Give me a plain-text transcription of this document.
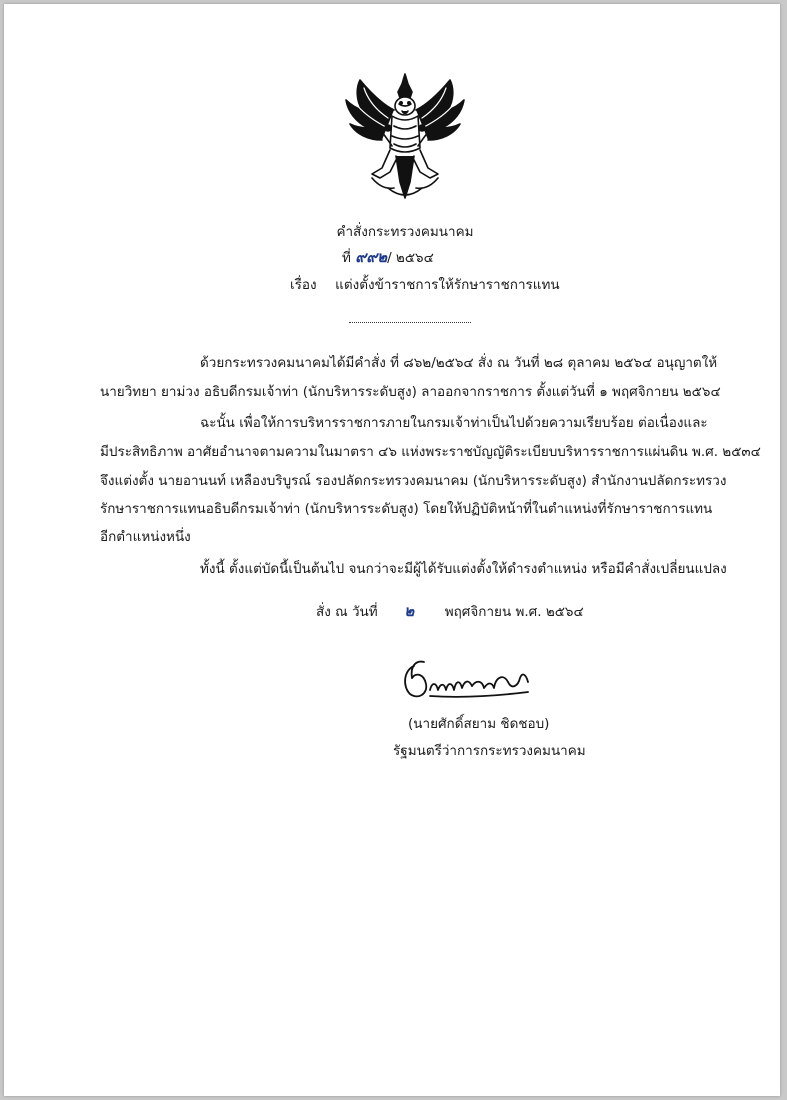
คำสั่งกระทรวงคมนาคม
ที่ ๙๙๒/ ๒๕๖๔
เรื่อง แต่งตั้งข้าราชการให้รักษาราชการแทน
ด้วยกระทรวงคมนาคมได้มีคำสั่ง ที่ ๘๖๒/๒๕๖๔ สั่ง ณ วันที่ ๒๘ ตุลาคม ๒๕๖๔ อนุญาตให้
นายวิทยา ยาม่วง อธิบดีกรมเจ้าท่า (นักบริหารระดับสูง) ลาออกจากราชการ ตั้งแต่วันที่ ๑ พฤศจิกายน ๒๕๖๔
ฉะนั้น เพื่อให้การบริหารราชการภายในกรมเจ้าท่าเป็นไปด้วยความเรียบร้อย ต่อเนื่องและ
มีประสิทธิภาพ อาศัยอำนาจตามความในมาตรา ๔๖ แห่งพระราชบัญญัติระเบียบบริหารราชการแผ่นดิน พ.ศ. ๒๕๓๔
จึงแต่งตั้ง นายอานนท์ เหลืองบริบูรณ์ รองปลัดกระทรวงคมนาคม (นักบริหารระดับสูง) สำนักงานปลัดกระทรวง
รักษาราชการแทนอธิบดีกรมเจ้าท่า (นักบริหารระดับสูง) โดยให้ปฏิบัติหน้าที่ในตำแหน่งที่รักษาราชการแทน
อีกตำแหน่งหนึ่ง
ทั้งนี้ ตั้งแต่บัดนี้เป็นต้นไป จนกว่าจะมีผู้ได้รับแต่งตั้งให้ดำรงตำแหน่ง หรือมีคำสั่งเปลี่ยนแปลง
สั่ง ณ วันที่ ๒ พฤศจิกายน พ.ศ. ๒๕๖๔
(นายศักดิ์สยาม ชิดชอบ)
รัฐมนตรีว่าการกระทรวงคมนาคม
